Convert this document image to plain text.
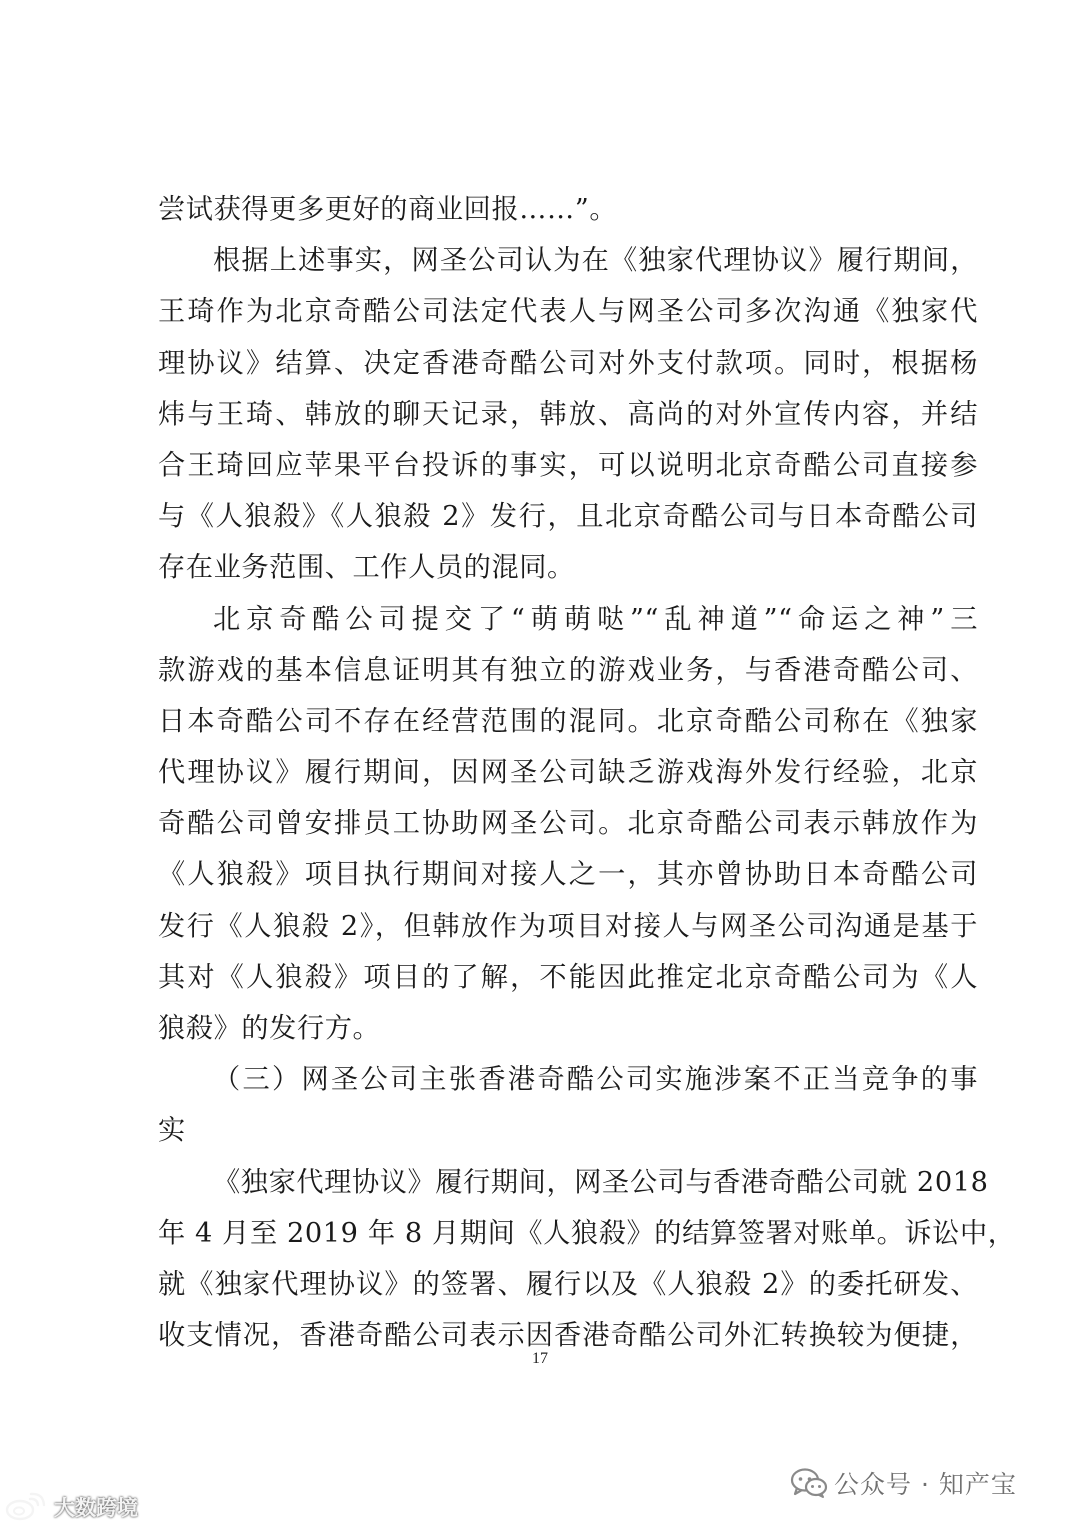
尝试获得更多更好的商业回报……”。
根据上述事实，网圣公司认为在《独家代理协议》履行期间，
王琦作为北京奇酷公司法定代表人与网圣公司多次沟通《独家代
理协议》结算、决定香港奇酷公司对外支付款项。同时，根据杨
炜与王琦、韩放的聊天记录，韩放、高尚的对外宣传内容，并结
合王琦回应苹果平台投诉的事实，可以说明北京奇酷公司直接参
与《人狼殺》《人狼殺 2》发行，且北京奇酷公司与日本奇酷公司
存在业务范围、工作人员的混同。
北京奇酷公司提交了“萌萌哒”“乱神道”“命运之神”三
款游戏的基本信息证明其有独立的游戏业务，与香港奇酷公司、
日本奇酷公司不存在经营范围的混同。北京奇酷公司称在《独家
代理协议》履行期间，因网圣公司缺乏游戏海外发行经验，北京
奇酷公司曾安排员工协助网圣公司。北京奇酷公司表示韩放作为
《人狼殺》项目执行期间对接人之一，其亦曾协助日本奇酷公司
发行《人狼殺 2》，但韩放作为项目对接人与网圣公司沟通是基于
其对《人狼殺》项目的了解，不能因此推定北京奇酷公司为《人
狼殺》的发行方。
（三）网圣公司主张香港奇酷公司实施涉案不正当竞争的事
实
《独家代理协议》履行期间，网圣公司与香港奇酷公司就 2018
年 4 月至 2019 年 8 月期间《人狼殺》的结算签署对账单。诉讼中，
就《独家代理协议》的签署、履行以及《人狼殺 2》的委托研发、
收支情况，香港奇酷公司表示因香港奇酷公司外汇转换较为便捷，
17
公众号 · 知产宝
大数跨境
